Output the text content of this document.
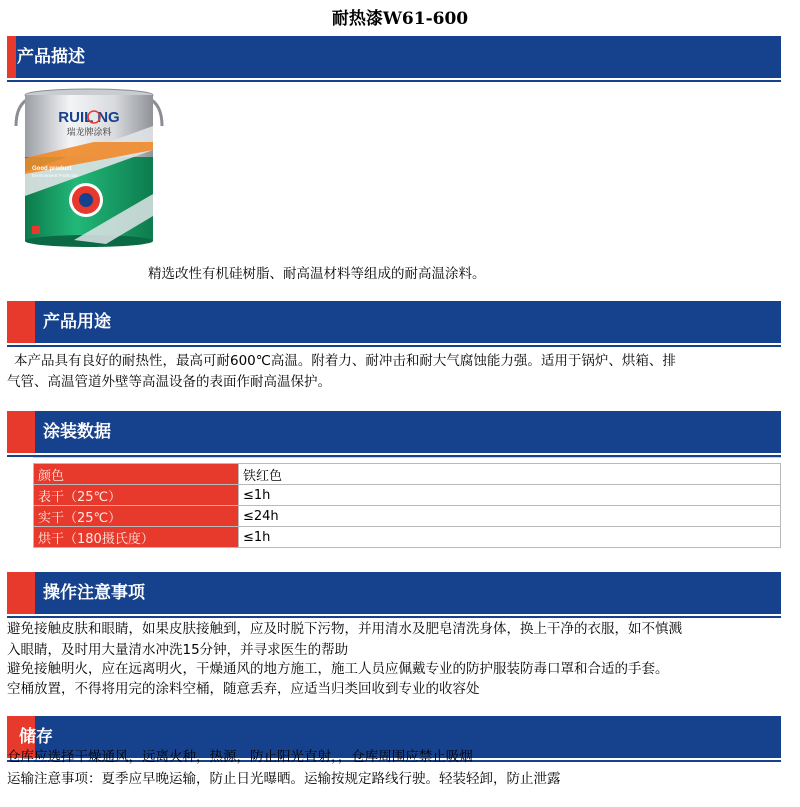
耐热漆W61-600
产品描述
RUIL NG
瑞龙牌涂料
Good product
Environment Protection
精选改性有机硅树脂、耐高温材料等组成的耐高温涂料。
产品用途
本产品具有良好的耐热性，最高可耐600℃高温。附着力、耐冲击和耐大气腐蚀能力强。适用于锅炉、烘箱、排
气管、高温管道外壁等高温设备的表面作耐高温保护。
涂装数据
颜色	铁红色
表干（25℃）	≤1h
实干（25℃）	≤24h
烘干（180摄氏度）	≤1h
操作注意事项
避免接触皮肤和眼睛，如果皮肤接触到，应及时脱下污物，并用清水及肥皂清洗身体，换上干净的衣服，如不慎溅
入眼睛，及时用大量清水冲洗15分钟，并寻求医生的帮助
避免接触明火，应在远离明火，干燥通风的地方施工，施工人员应佩戴专业的防护服装防毒口罩和合适的手套。
空桶放置，不得将用完的涂料空桶，随意丢弃，应适当归类回收到专业的收容处
储存
仓库应选择干燥通风，远离火种，热源，防止阳光直射，，仓库周围应禁止吸烟
运输注意事项：夏季应早晚运输，防止日光曝晒。运输按规定路线行驶。轻装轻卸，防止泄露
